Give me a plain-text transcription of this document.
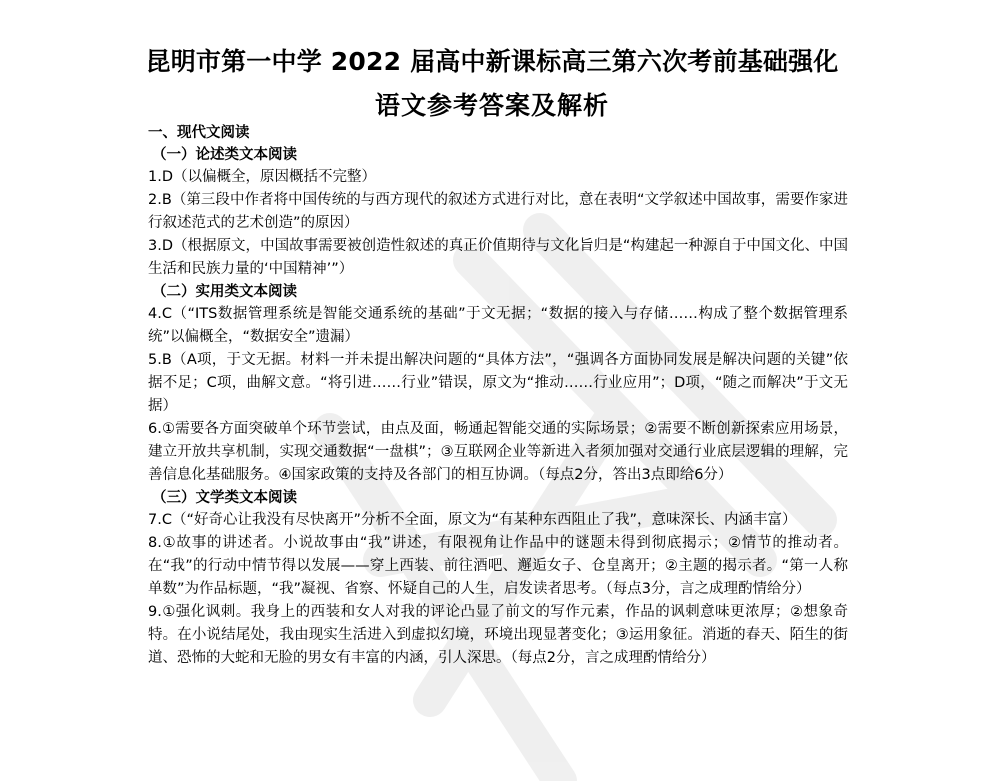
昆明市第一中学 2022 届高中新课标高三第六次考前基础强化
语文参考答案及解析
一、现代文阅读
（一）论述类文本阅读

1.D（以偏概全，原因概括不完整）

2.B（第三段中作者将中国传统的与西方现代的叙述方式进行对比，意在表明“文学叙述中国故事，需要作家进行叙述范式的艺术创造”的原因）

3.D（根据原文，中国故事需要被创造性叙述的真正价值期待与文化旨归是“构建起一种源自于中国文化、中国生活和民族力量的‘中国精神’”）

（二）实用类文本阅读

4.C（“ITS数据管理系统是智能交通系统的基础”于文无据；“数据的接入与存储……构成了整个数据管理系统”以偏概全，“数据安全”遗漏）

5.B（A项，于文无据。材料一并未提出解决问题的“具体方法”，“强调各方面协同发展是解决问题的关键”依据不足；C项，曲解文意。“将引进……行业”错误，原文为“推动……行业应用”；D项，“随之而解决”于文无据）

6.①需要各方面突破单个环节尝试，由点及面，畅通起智能交通的实际场景；②需要不断创新探索应用场景，建立开放共享机制，实现交通数据“一盘棋”；③互联网企业等新进入者须加强对交通行业底层逻辑的理解，完善信息化基础服务。④国家政策的支持及各部门的相互协调。（每点2分，答出3点即给6分）

（三）文学类文本阅读

7.C（“好奇心让我没有尽快离开”分析不全面，原文为“有某种东西阻止了我”，意味深长、内涵丰富）

8.①故事的讲述者。小说故事由“我”讲述，有限视角让作品中的谜题未得到彻底揭示；②情节的推动者。在“我”的行动中情节得以发展——穿上西装、前往酒吧、邂逅女子、仓皇离开；②主题的揭示者。“第一人称单数”为作品标题，“我”凝视、省察、怀疑自己的人生，启发读者思考。（每点3分，言之成理酌情给分）

9.①强化讽刺。我身上的西装和女人对我的评论凸显了前文的写作元素，作品的讽刺意味更浓厚；②想象奇特。在小说结尾处，我由现实生活进入到虚拟幻境，环境出现显著变化；③运用象征。消逝的春天、陌生的街道、恐怖的大蛇和无脸的男女有丰富的内涵，引人深思。（每点2分，言之成理酌情给分）
